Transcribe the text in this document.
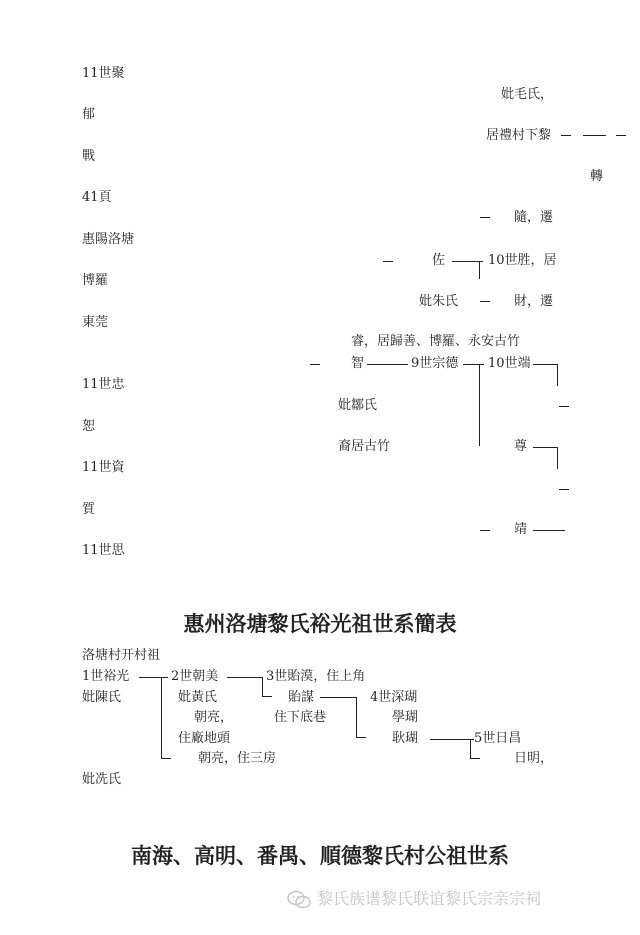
11世聚
郁
戰
41頁
惠陽洛塘
博羅
東莞
11世忠
恕
11世資
質
11世思
妣毛氏，
居禮村下黎
轉
隨，遷
佐	10世胜，居
妣朱氏	財，遷
睿，居歸善、博羅、永安古竹
智	9世宗德 10世端
妣鄒氏
裔居古竹	尊
靖
惠州洛塘黎氏裕光祖世系簡表
洛塘村开村祖
1世裕光	2世朝美	3世貽漠，住上角
妣陳氏	妣黃氏	貽謀	4世深瑚
朝亮，	住下底巷	學瑚
住廠地頭	耿瑚	5世日昌
朝亮，住三房	日明，
妣冼氏
南海、高明、番禺、順德黎氏村公祖世系
黎氏族谱黎氏联谊黎氏宗亲宗祠
